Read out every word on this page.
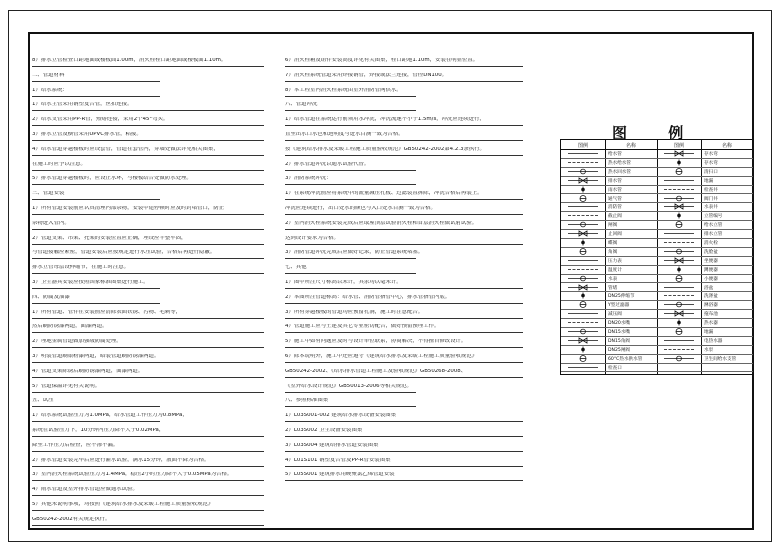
8）排水立管检查口距地面或楼板面1.00m，消火栓栓口距地面或楼板面1.10m。
二、管道材料
1）给水系统：
1）给水主管采用钢塑复合管，丝扣连接。
2）给水支管采用PP-R管，热熔连接，采用2个45°弯头。
3）排水立管及横管采用UPVC排水管，粘接。
4）给水管道穿越楼板时应设套管，管道在套管内，穿墙处做法详见相关图集，
在施工时应予以注意。
5）排水管道穿越楼板时，应设止水环，与楼板结合处做防水处理。
三、管道安装
1）所有管道安装前应认真清理内部杂物，安装中途停顿时应及时封堵管口，防止
杂物进入管内。
2）管道支架、吊架、托架的安装位置应正确，埋设应平整牢固，
与管道接触应紧密，管道安装后应按规定进行水压试验，合格后再进行隐蔽。
排水立管每层设伸缩节，在施工时注意。
3）卫生器具安装应按照国家标准图集进行施工。
四、防腐及油漆
1）所有管道、管件在安装前应清除表面铁锈、污物、毛刺等，
然后刷防锈漆两道，面漆两道。
2）埋地金属管道做加强级防腐处理。
3）明装管道刷银粉漆两道，暗装管道刷防锈漆两道。
4）管道支架除锈后刷防锈漆两道，面漆两道。
5）管道保温详见有关说明。
五、试压
1）给水系统试验压力为1.0MPa，给水管道工作压力为0.8MPa，
系统在试验压力下，10分钟内压力降不大于0.02MPa，
降至工作压力后检查，应不渗不漏。
2）排水管道安装完毕后应进行灌水试验，满水15分钟，液面不降为合格。
3）室内消火栓系统试验压力为1.4MPa，稳压2小时压力降不大于0.05MPa为合格。
4）雨水管道及室外排水管道应做通水试验。
5）其他未说明事项，均按照《建筑给水排水及采暖工程施工质量验收规范》
GB50242-2002有关规定执行。
6）消火栓箱及组件安装高度详见有关图集，栓口距地1.10m，安装在明显位置。
7）消火栓系统管道采用焊接钢管，焊接或法兰连接，管径DN100。
8）本工程室内消火栓系统由室外消防管网供水。
六、管道冲洗
1）给水管道在系统运行前须用水冲洗，冲洗流速不小于1.5m/s，冲洗应连续进行，
直至出水口水色和透明度与进水目测一致为合格。
按《建筑给水排水及采暖工程施工质量验收规范》GB50242-2002第4.2.3条执行。
2）排水管道冲洗以通水试验代替。
3）消防系统冲洗：
1）在系统冲洗前应将系统中的流量减压孔板、过滤装置拆除，冲洗合格后再装上。
冲洗应连续进行，出口处水的颜色与入口处水目测一致为合格。
2）室内消火栓系统安装完成后应取屋顶层试验消火栓和首层消火栓做试射试验。
达到设计要求为合格。
3）消防管道冲洗完成后应做好记录，防止管道系统堵塞。
七、其他
1）图中所注尺寸标高以米计，其余均以毫米计。
2）本图所注管道标高：给水管、消防管指管中心，排水管指管内底。
3）所有穿越楼板的管道均应预留孔洞，施工时注意配合。
4）管道施工应与土建及其它专业密切配合，做好预留预埋工作。
5）施工中如有问题应及时与设计单位联系，协商解决，不得擅自修改设计。
6）除本说明外，施工中还应遵守《建筑给水排水及采暖工程施工质量验收规范》
GB50242-2002、《给水排水管道工程施工及验收规范》GB50268-2008、
《室外给水设计规范》GB50013-2006等相关规范。
八、参照标准图集
1）L03S001-002 建筑给水排水设备安装图集
2）L03S002 卫生设备安装图集
3）L03S004 建筑给排水管道安装图集
4）L01S101 钢塑复合管及PP-R管安装图集
5）L05S001 建筑排水用硬聚氯乙烯管道安装
图 例
图例	名称	图例	名称
给水管	存水弯
热水给水管	存水弯
热水回水管	清扫口
排水管	地漏
雨水管	检查井
通气管	阀门井
消防管	水表井
截止阀	立管编号
闸阀	给水立管
止回阀	排水立管
蝶阀	消火栓
角阀	洗脸盆
压力表	坐便器
温度计	蹲便器
水表	小便器
管堵	浴盆
DN25伸缩节	洗涤盆
Y型过滤器	淋浴器
减压阀	拖布池
DN20水嘴	热水器
DN15水嘴	地漏
DN15角阀	电热水器
DN25闸阀	水泵
60°C热水供水管	卫生间给水支管
检查口
